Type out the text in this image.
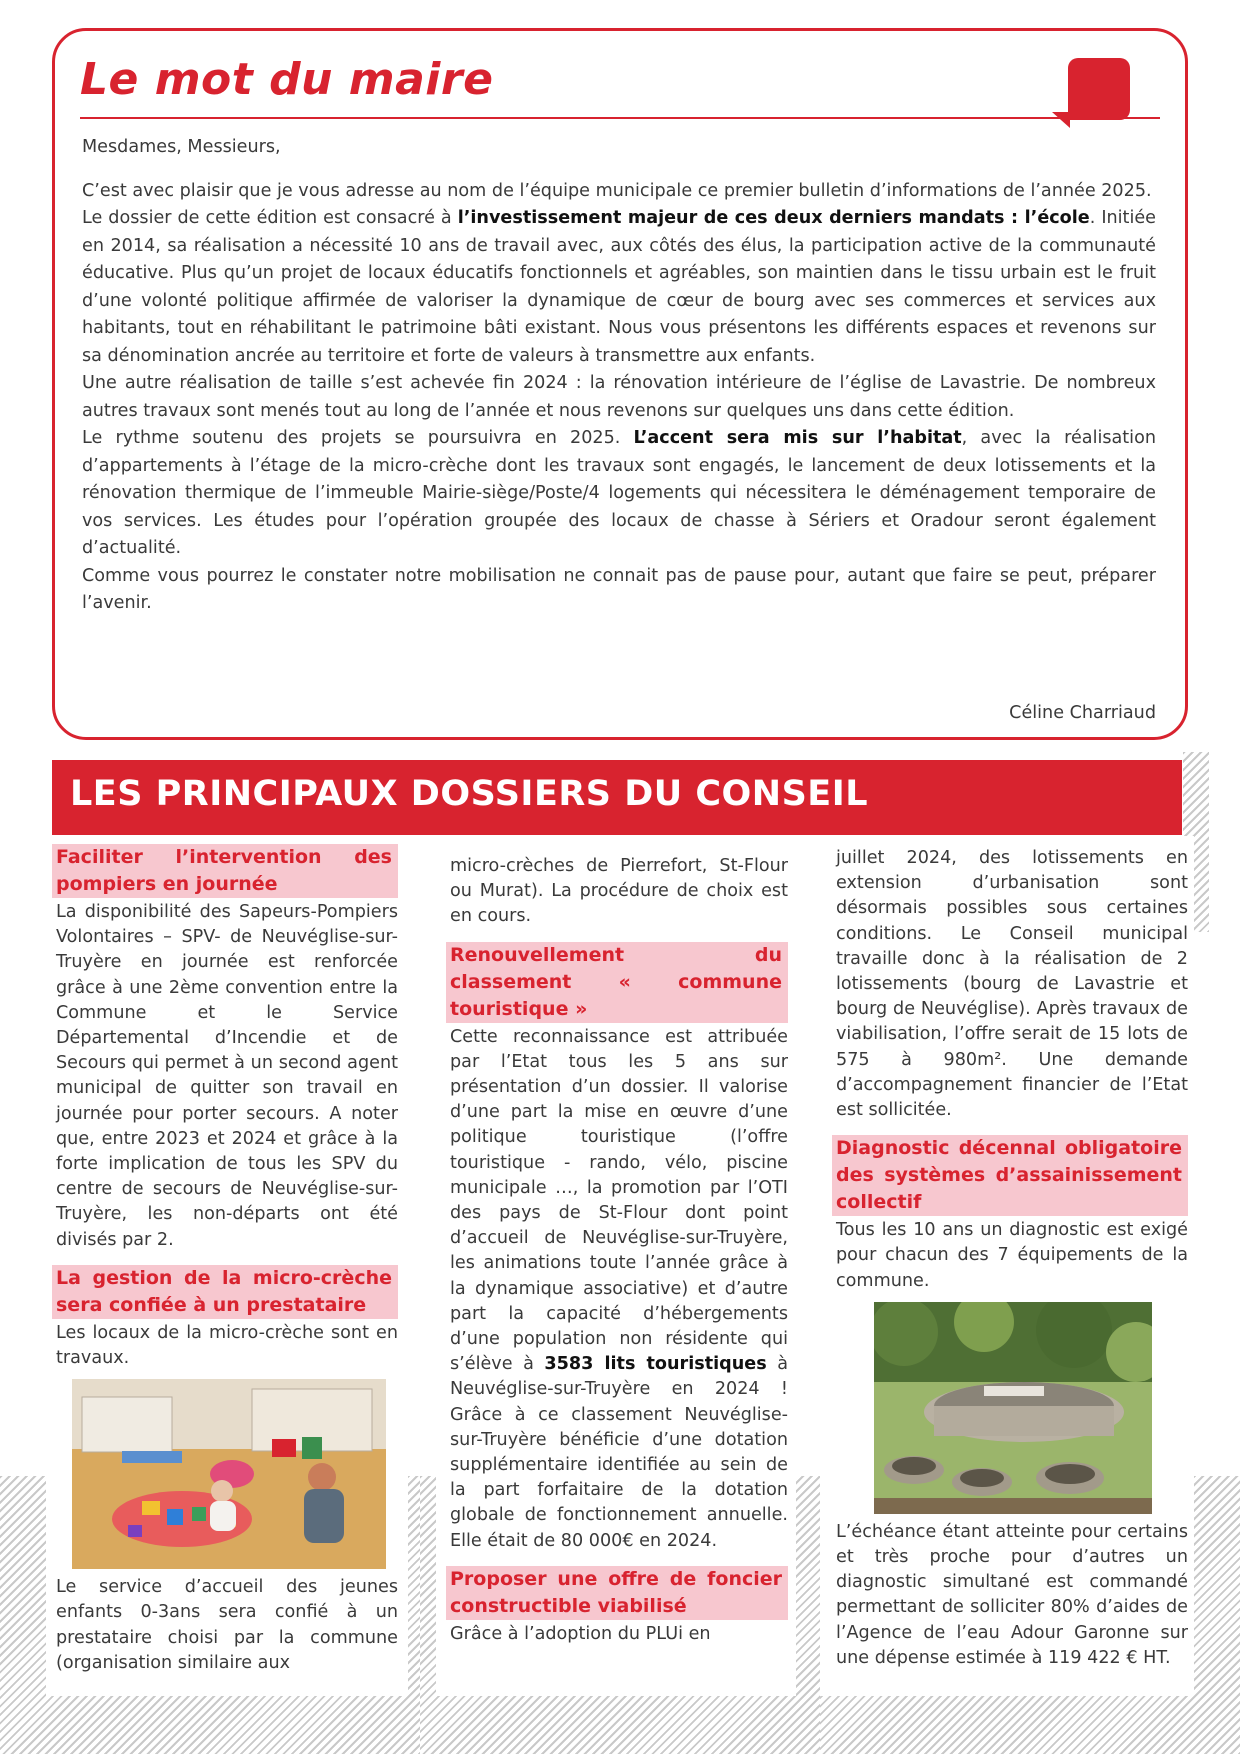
Le mot du maire

Mesdames, Messieurs,

C’est avec plaisir que je vous adresse au nom de l’équipe municipale ce premier bulletin d’informations de l’année 2025.

Le dossier de cette édition est consacré à l’investissement majeur de ces deux derniers mandats : l’école. Initiée en 2014, sa réalisation a nécessité 10 ans de travail avec, aux côtés des élus, la participation active de la communauté éducative. Plus qu’un projet de locaux éducatifs fonctionnels et agréables, son maintien dans le tissu urbain est le fruit d’une volonté politique affirmée de valoriser la dynamique de cœur de bourg avec ses commerces et services aux habitants, tout en réhabilitant le patrimoine bâti existant. Nous vous présentons les différents espaces et revenons sur sa dénomination ancrée au territoire et forte de valeurs à transmettre aux enfants.

Une autre réalisation de taille s’est achevée fin 2024 : la rénovation intérieure de l’église de Lavastrie. De nombreux autres travaux sont menés tout au long de l’année et nous revenons sur quelques uns dans cette édition.

Le rythme soutenu des projets se poursuivra en 2025. L’accent sera mis sur l’habitat, avec la réalisation d’appartements à l’étage de la micro-crèche dont les travaux sont engagés, le lancement de deux lotissements et la rénovation thermique de l’immeuble Mairie-siège/Poste/4 logements qui nécessitera le déménagement temporaire de vos services. Les études pour l’opération groupée des locaux de chasse à Sériers et Oradour seront également d’actualité.

Comme vous pourrez le constater notre mobilisation ne connait pas de pause pour, autant que faire se peut, préparer l’avenir.

Céline Charriaud
LES PRINCIPAUX DOSSIERS DU CONSEIL
Faciliter l’intervention des pompiers en journée

La disponibilité des Sapeurs-Pompiers Volontaires – SPV- de Neuvéglise-sur-Truyère en journée est renforcée grâce à une 2ème convention entre la Commune et le Service Départemental d’Incendie et de Secours qui permet à un second agent municipal de quitter son travail en journée pour porter secours. A noter que, entre 2023 et 2024 et grâce à la forte implication de tous les SPV du centre de secours de Neuvéglise-sur-Truyère, les non-départs ont été divisés par 2.

La gestion de la micro-crèche sera confiée à un prestataire

Les locaux de la micro-crèche sont en travaux.

Le service d’accueil des jeunes enfants 0-3ans sera confié à un prestataire choisi par la commune (organisation similaire aux

micro-crèches de Pierrefort, St-Flour ou Murat). La procédure de choix est en cours.

Renouvellement du classement « commune touristique »

Cette reconnaissance est attribuée par l’Etat tous les 5 ans sur présentation d’un dossier. Il valorise d’une part la mise en œuvre d’une politique touristique (l’offre touristique - rando, vélo, piscine municipale …, la promotion par l’OTI des pays de St-Flour dont point d’accueil de Neuvéglise-sur-Truyère, les animations toute l’année grâce à la dynamique associative) et d’autre part la capacité d’hébergements d’une population non résidente qui s’élève à 3583 lits touristiques à Neuvéglise-sur-Truyère en 2024 ! Grâce à ce classement Neuvéglise-sur-Truyère bénéficie d’une dotation supplémentaire identifiée au sein de la part forfaitaire de la dotation globale de fonctionnement annuelle. Elle était de 80 000€ en 2024.

Proposer une offre de foncier constructible viabilisé

Grâce à l’adoption du PLUi en

juillet 2024, des lotissements en extension d’urbanisation sont désormais possibles sous certaines conditions. Le Conseil municipal travaille donc à la réalisation de 2 lotissements (bourg de Lavastrie et bourg de Neuvéglise). Après travaux de viabilisation, l’offre serait de 15 lots de 575 à 980m². Une demande d’accompagnement financier de l’Etat est sollicitée.

Diagnostic décennal obligatoire des systèmes d’assainissement collectif

Tous les 10 ans un diagnostic est exigé pour chacun des 7 équipements de la commune.

L’échéance étant atteinte pour certains et très proche pour d’autres un diagnostic simultané est commandé permettant de solliciter 80% d’aides de l’Agence de l’eau Adour Garonne sur une dépense estimée à 119 422 € HT.
